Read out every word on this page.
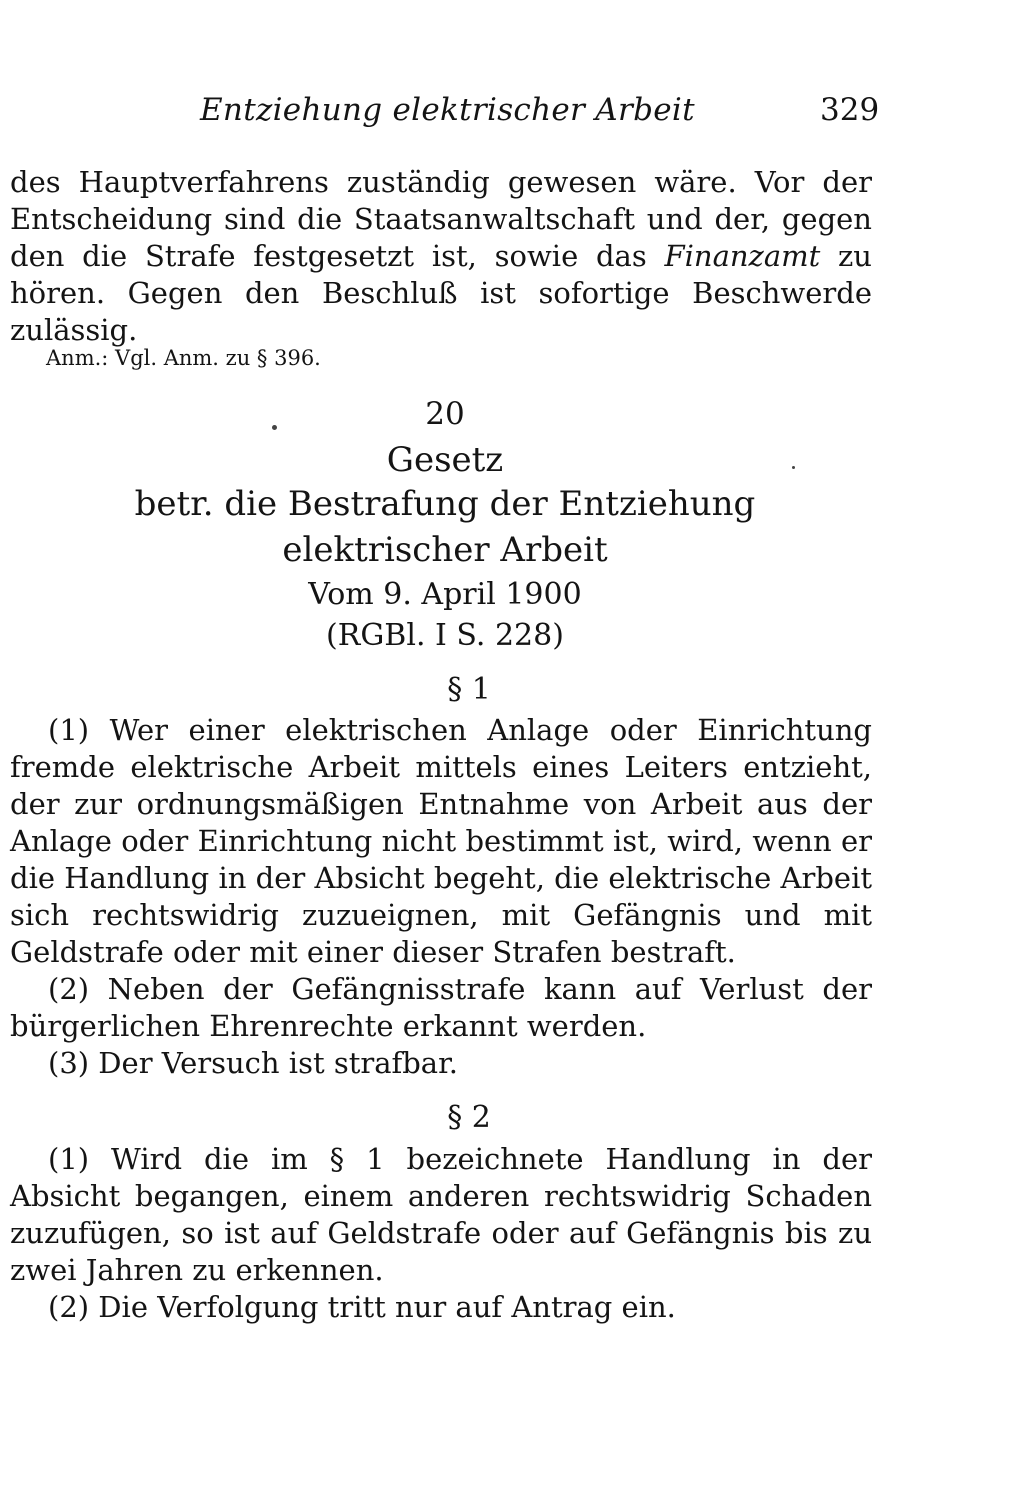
Entziehung elektrischer Arbeit	329

des Hauptverfahrens zuständig gewesen wäre. Vor der Entscheidung sind die Staatsanwaltschaft und der, gegen den die Strafe festgesetzt ist, sowie das Finanzamt zu hören. Gegen den Beschluß ist sofortige Beschwerde zulässig.

Anm.: Vgl. Anm. zu § 396.
20
Gesetz
betr. die Bestrafung der Entziehung
elektrischer Arbeit
Vom 9. April 1900
(RGBl. I S. 228)
§ 1

(1) Wer einer elektrischen Anlage oder Einrichtung fremde elektrische Arbeit mittels eines Leiters entzieht, der zur ordnungsmäßigen Entnahme von Arbeit aus der Anlage oder Einrichtung nicht bestimmt ist, wird, wenn er die Handlung in der Absicht begeht, die elektrische Arbeit sich rechtswidrig zuzueignen, mit Gefängnis und mit Geldstrafe oder mit einer dieser Strafen bestraft.

(2) Neben der Gefängnisstrafe kann auf Verlust der bürgerlichen Ehrenrechte erkannt werden.

(3) Der Versuch ist strafbar.

§ 2

(1) Wird die im § 1 bezeichnete Handlung in der Absicht begangen, einem anderen rechtswidrig Schaden zuzufügen, so ist auf Geldstrafe oder auf Gefängnis bis zu zwei Jahren zu erkennen.

(2) Die Verfolgung tritt nur auf Antrag ein.
